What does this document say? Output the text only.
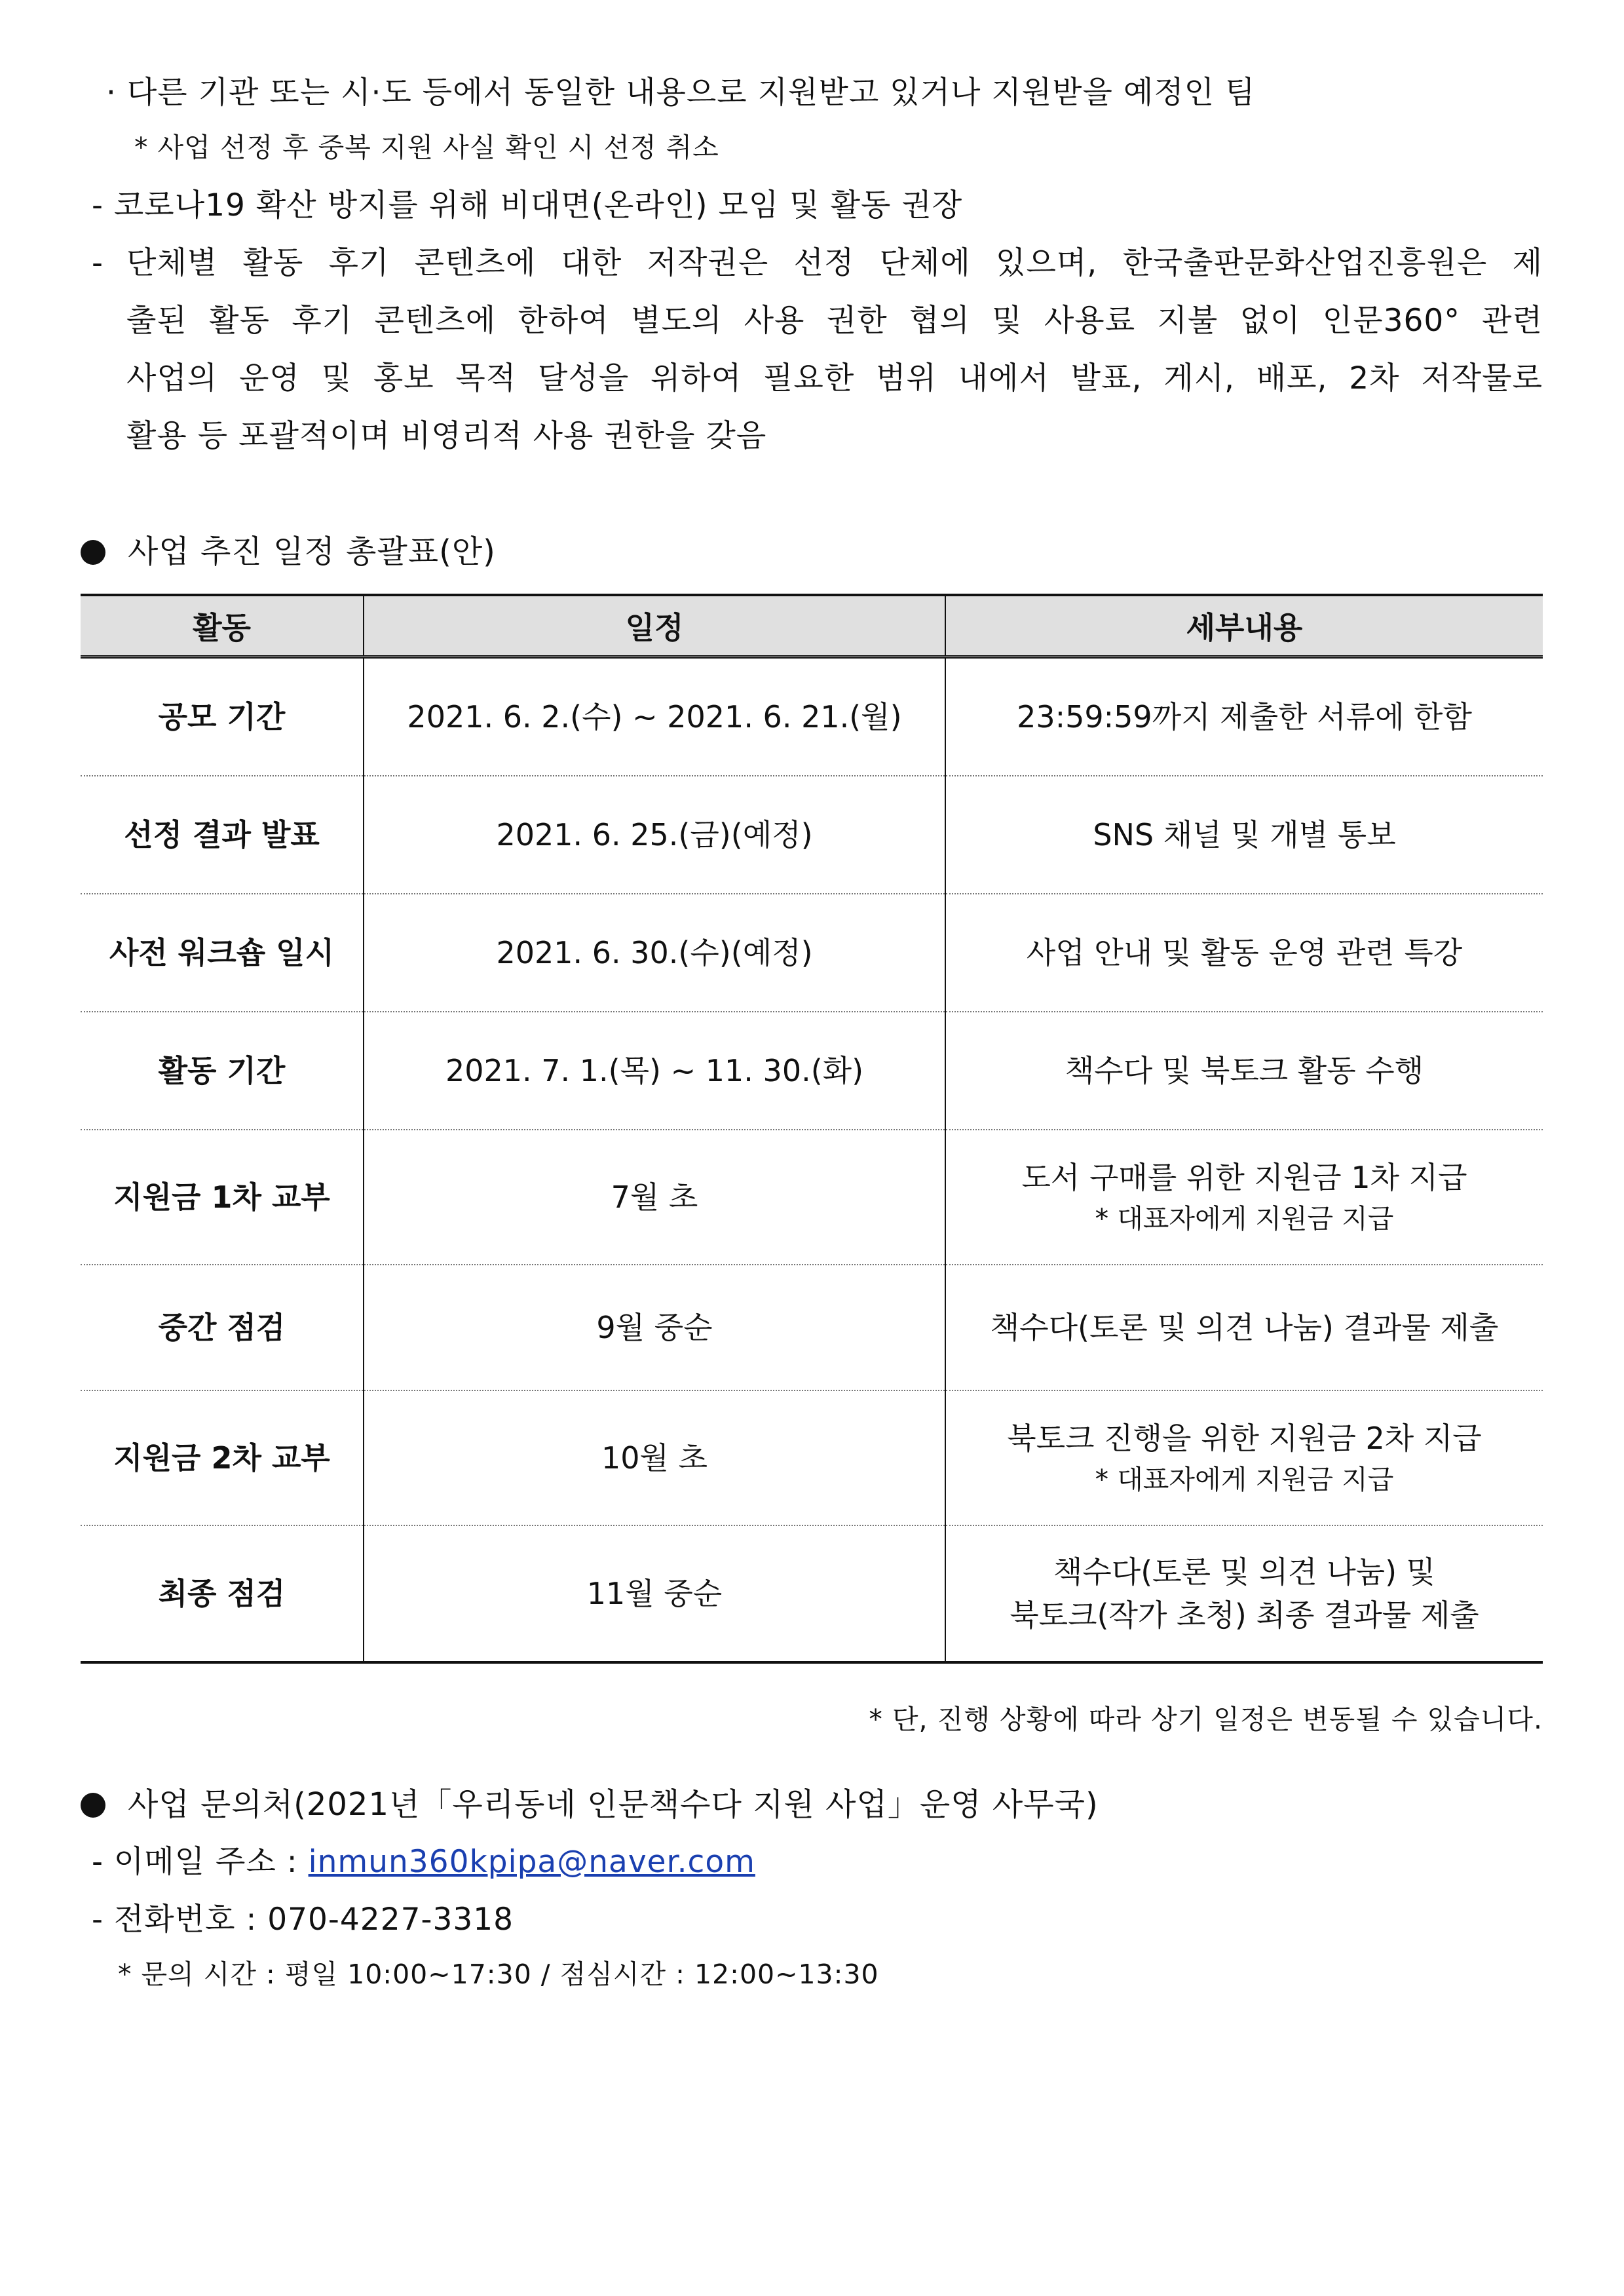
· 다른 기관 또는 시·도 등에서 동일한 내용으로 지원받고 있거나 지원받을 예정인 팀
* 사업 선정 후 중복 지원 사실 확인 시 선정 취소
- 코로나19 확산 방지를 위해 비대면(온라인) 모임 및 활동 권장
- 단체별 활동 후기 콘텐츠에 대한 저작권은 선정 단체에 있으며, 한국출판문화산업진흥원은 제
출된 활동 후기 콘텐츠에 한하여 별도의 사용 권한 협의 및 사용료 지불 없이 인문360° 관련
사업의 운영 및 홍보 목적 달성을 위하여 필요한 범위 내에서 발표, 게시, 배포, 2차 저작물로
활용 등 포괄적이며 비영리적 사용 권한을 갖음
사업 추진 일정 총괄표(안)
활동	일정	세부내용
공모 기간	2021. 6. 2.(수) ~ 2021. 6. 21.(월)	23:59:59까지 제출한 서류에 한함
선정 결과 발표	2021. 6. 25.(금)(예정)	SNS 채널 및 개별 통보
사전 워크숍 일시	2021. 6. 30.(수)(예정)	사업 안내 및 활동 운영 관련 특강
활동 기간	2021. 7. 1.(목) ~ 11. 30.(화)	책수다 및 북토크 활동 수행
지원금 1차 교부	7월 초	도서 구매를 위한 지원금 1차 지급
* 대표자에게 지원금 지급

중간 점검	9월 중순	책수다(토론 및 의견 나눔) 결과물 제출
지원금 2차 교부	10월 초	북토크 진행을 위한 지원금 2차 지급
* 대표자에게 지원금 지급

최종 점검	11월 중순	책수다(토론 및 의견 나눔) 및
북토크(작가 초청) 최종 결과물 제출
* 단, 진행 상황에 따라 상기 일정은 변동될 수 있습니다.
사업 문의처(2021년「우리동네 인문책수다 지원 사업」운영 사무국)
- 이메일 주소 : inmun360kpipa@naver.com
- 전화번호 : 070-4227-3318
* 문의 시간 : 평일 10:00~17:30 / 점심시간 : 12:00~13:30
